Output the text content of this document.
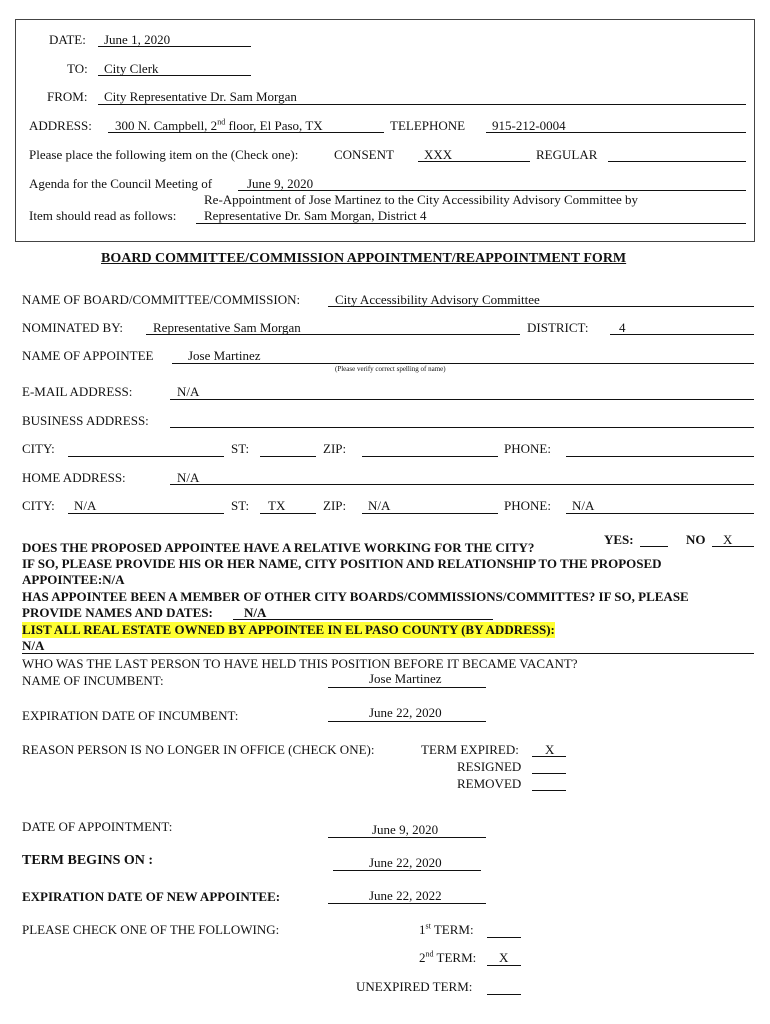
DATE: June 1, 2020
TO: City Clerk
FROM: City Representative Dr. Sam Morgan
ADDRESS: 300 N. Campbell, 2nd floor, El Paso, TX	TELEPHONE 915-212-0004
Please place the following item on the (Check one):	CONSENT XXX	REGULAR
Agenda for the Council Meeting of	June 9, 2020
Re-Appointment of Jose Martinez to the City Accessibility Advisory Committee by
Item should read as follows: Representative Dr. Sam Morgan, District 4
BOARD COMMITTEE/COMMISSION APPOINTMENT/REAPPOINTMENT FORM
NAME OF BOARD/COMMITTEE/COMMISSION:	City Accessibility Advisory Committee
NOMINATED BY: Representative Sam Morgan	DISTRICT: 4
NAME OF APPOINTEE	Jose Martinez
(Please verify correct spelling of name)
E-MAIL ADDRESS:	N/A
BUSINESS ADDRESS:
CITY:	ST:	ZIP:	PHONE:
HOME ADDRESS:	N/A
CITY: N/A	ST: TX	ZIP: N/A	PHONE: N/A
YES:	NO X
DOES THE PROPOSED APPOINTEE HAVE A RELATIVE WORKING FOR THE CITY?
IF SO, PLEASE PROVIDE HIS OR HER NAME, CITY POSITION AND RELATIONSHIP TO THE PROPOSED
APPOINTEE:N/A
HAS APPOINTEE BEEN A MEMBER OF OTHER CITY BOARDS/COMMISSIONS/COMMITTES? IF SO, PLEASE
PROVIDE NAMES AND DATES: N/A
LIST ALL REAL ESTATE OWNED BY APPOINTEE IN EL PASO COUNTY (BY ADDRESS):
N/A
WHO WAS THE LAST PERSON TO HAVE HELD THIS POSITION BEFORE IT BECAME VACANT?
NAME OF INCUMBENT:	Jose Martinez
EXPIRATION DATE OF INCUMBENT:	June 22, 2020
REASON PERSON IS NO LONGER IN OFFICE (CHECK ONE):	TERM EXPIRED: X
RESIGNED
REMOVED
DATE OF APPOINTMENT:	June 9, 2020
TERM BEGINS ON :	June 22, 2020
EXPIRATION DATE OF NEW APPOINTEE:	June 22, 2022
PLEASE CHECK ONE OF THE FOLLOWING:	1st TERM:
2nd TERM: X
UNEXPIRED TERM:
